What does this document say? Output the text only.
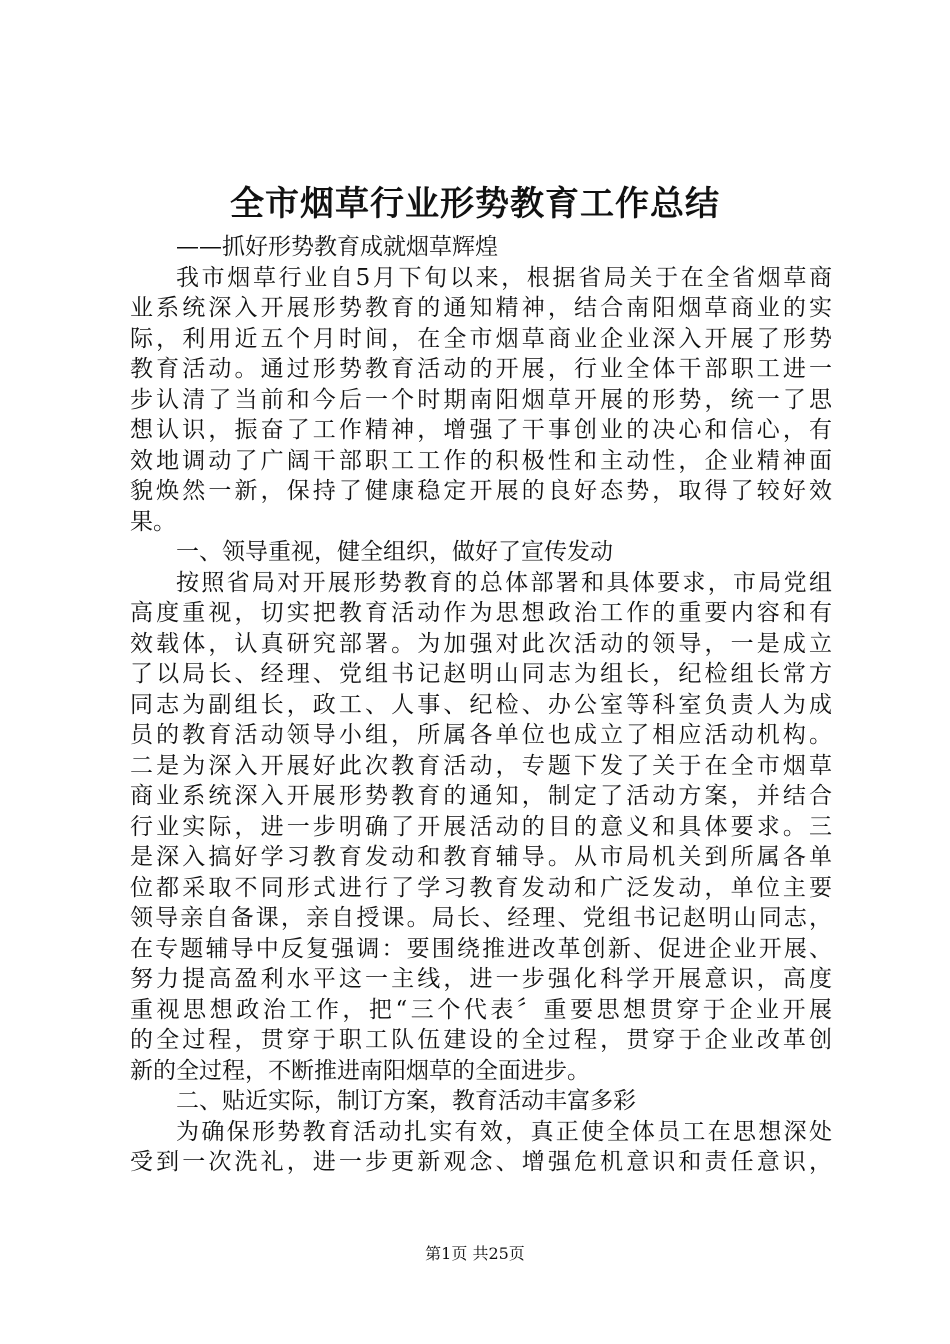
全市烟草行业形势教育工作总结
——抓好形势教育成就烟草辉煌
我市烟草行业自5月下旬以来，根据省局关于在全省烟草商
业系统深入开展形势教育的通知精神，结合南阳烟草商业的实
际，利用近五个月时间，在全市烟草商业企业深入开展了形势
教育活动。通过形势教育活动的开展，行业全体干部职工进一
步认清了当前和今后一个时期南阳烟草开展的形势，统一了思
想认识，振奋了工作精神，增强了干事创业的决心和信心，有
效地调动了广阔干部职工工作的积极性和主动性，企业精神面
貌焕然一新，保持了健康稳定开展的良好态势，取得了较好效
果。
一、领导重视，健全组织，做好了宣传发动
按照省局对开展形势教育的总体部署和具体要求，市局党组
高度重视，切实把教育活动作为思想政治工作的重要内容和有
效载体，认真研究部署。为加强对此次活动的领导，一是成立
了以局长、经理、党组书记赵明山同志为组长，纪检组长常方
同志为副组长，政工、人事、纪检、办公室等科室负责人为成
员的教育活动领导小组，所属各单位也成立了相应活动机构。
二是为深入开展好此次教育活动，专题下发了关于在全市烟草
商业系统深入开展形势教育的通知，制定了活动方案，并结合
行业实际，进一步明确了开展活动的目的意义和具体要求。三
是深入搞好学习教育发动和教育辅导。从市局机关到所属各单
位都采取不同形式进行了学习教育发动和广泛发动，单位主要
领导亲自备课，亲自授课。局长、经理、党组书记赵明山同志，
在专题辅导中反复强调：要围绕推进改革创新、促进企业开展、
努力提高盈利水平这一主线，进一步强化科学开展意识，高度
重视思想政治工作，把“三个代表〞重要思想贯穿于企业开展
的全过程，贯穿于职工队伍建设的全过程，贯穿于企业改革创
新的全过程，不断推进南阳烟草的全面进步。
二、贴近实际，制订方案，教育活动丰富多彩
为确保形势教育活动扎实有效，真正使全体员工在思想深处
受到一次洗礼，进一步更新观念、增强危机意识和责任意识，
第1页 共25页
